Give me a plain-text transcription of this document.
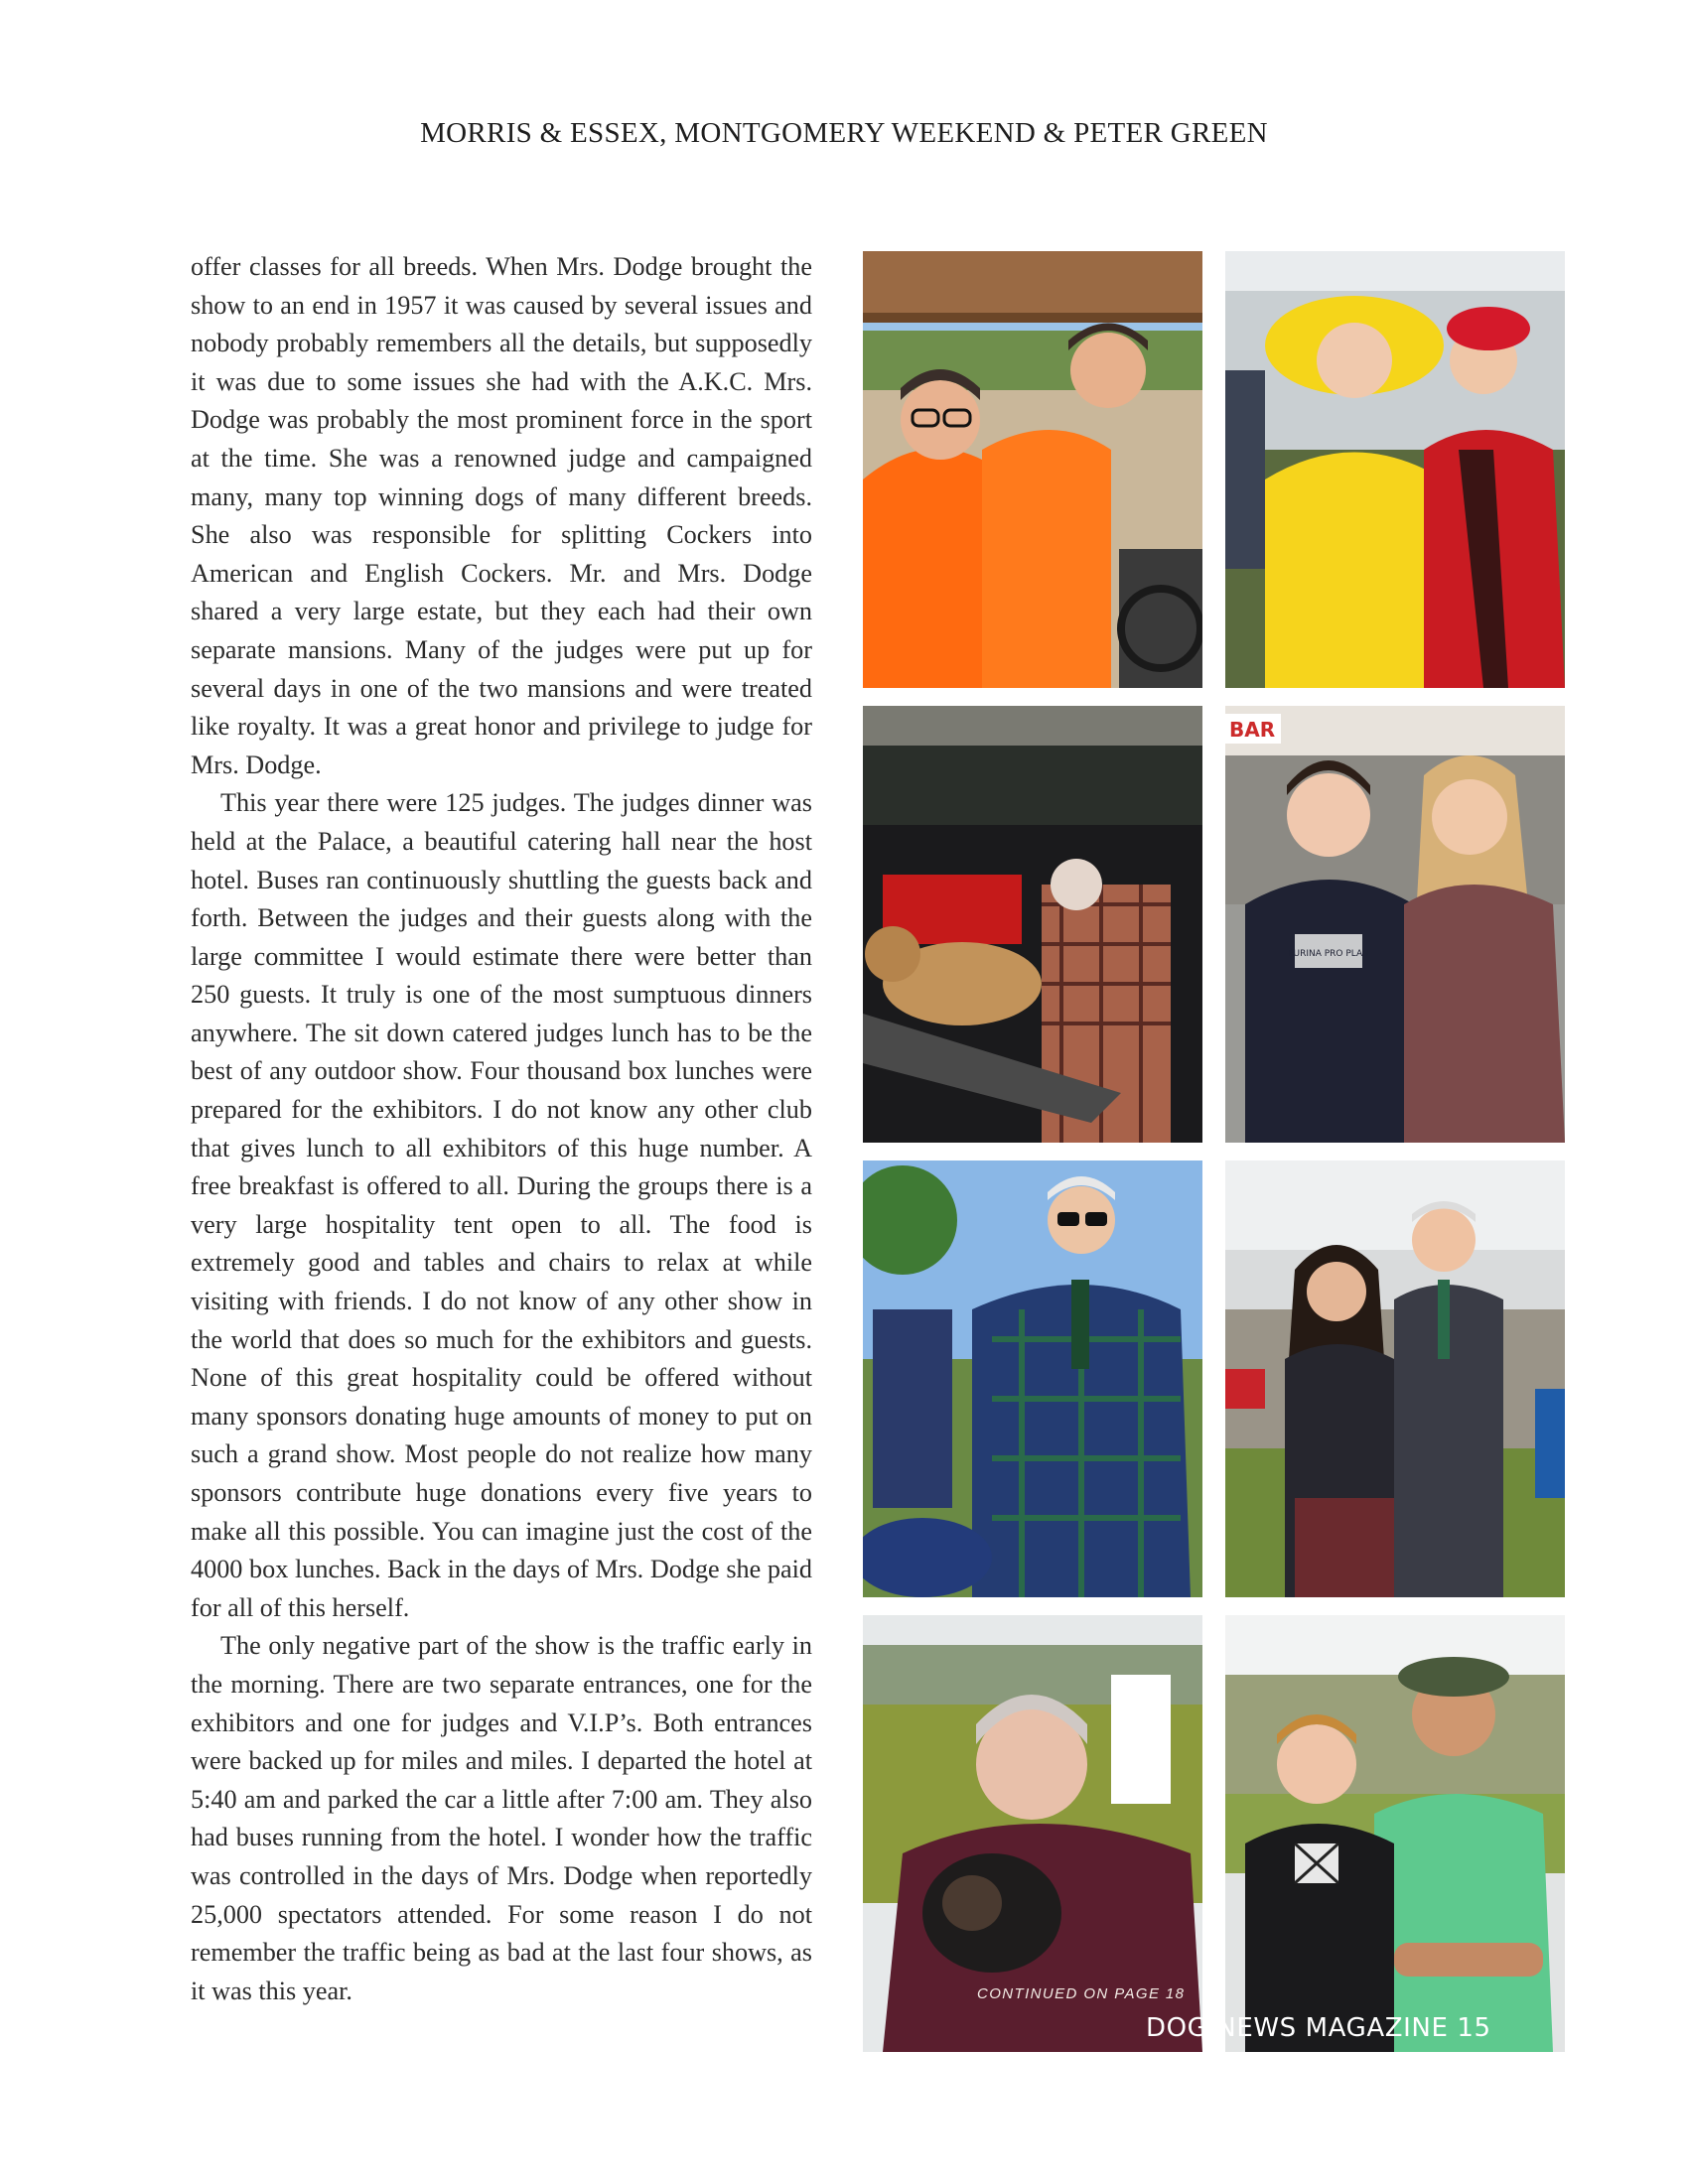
MORRIS & ESSEX, MONTGOMERY WEEKEND & PETER GREEN

offer classes for all breeds. When Mrs. Dodge brought the show to an end in 1957 it was caused by several issues and nobody probably remembers all the details, but supposedly it was due to some issues she had with the A.K.C. Mrs. Dodge was probably the most prominent force in the sport at the time. She was a renowned judge and campaigned many, many top winning dogs of many different breeds. She also was responsible for splitting Cockers into American and English Cockers. Mr. and Mrs. Dodge shared a very large estate, but they each had their own separate mansions. Many of the judges were put up for several days in one of the two mansions and were treated like royalty. It was a great honor and privilege to judge for Mrs. Dodge.

This year there were 125 judges. The judges dinner was held at the Palace, a beautiful catering hall near the host hotel. Buses ran continuously shuttling the guests back and forth. Between the judges and their guests along with the large committee I would estimate there were better than 250 guests. It truly is one of the most sumptuous dinners anywhere. The sit down catered judges lunch has to be the best of any outdoor show. Four thousand box lunches were prepared for the exhibitors. I do not know any other club that gives lunch to all exhibitors of this huge number. A free breakfast is offered to all. During the groups there is a very large hospitality tent open to all. The food is extremely good and tables and chairs to relax at while visiting with friends. I do not know of any other show in the world that does so much for the exhibitors and guests. None of this great hospitality could be offered without many sponsors donating huge amounts of money to put on such a grand show. Most people do not realize how many sponsors contribute huge donations every five years to make all this possible. You can imagine just the cost of the 4000 box lunches. Back in the days of Mrs. Dodge she paid for all of this herself.

The only negative part of the show is the traffic early in the morning. There are two separate entrances, one for the exhibitors and one for judges and V.I.P’s. Both entrances were backed up for miles and miles. I departed the hotel at 5:40 am and parked the car a little after 7:00 am. They also had buses running from the hotel. I wonder how the traffic was controlled in the days of Mrs. Dodge when reportedly 25,000 spectators attended. For some reason I do not remember the traffic being as bad at the last four shows, as it was this year.

BAR
PURINA PRO PLAN
CONTINUED ON PAGE 18
DOG NEWS MAGAZINE 15
